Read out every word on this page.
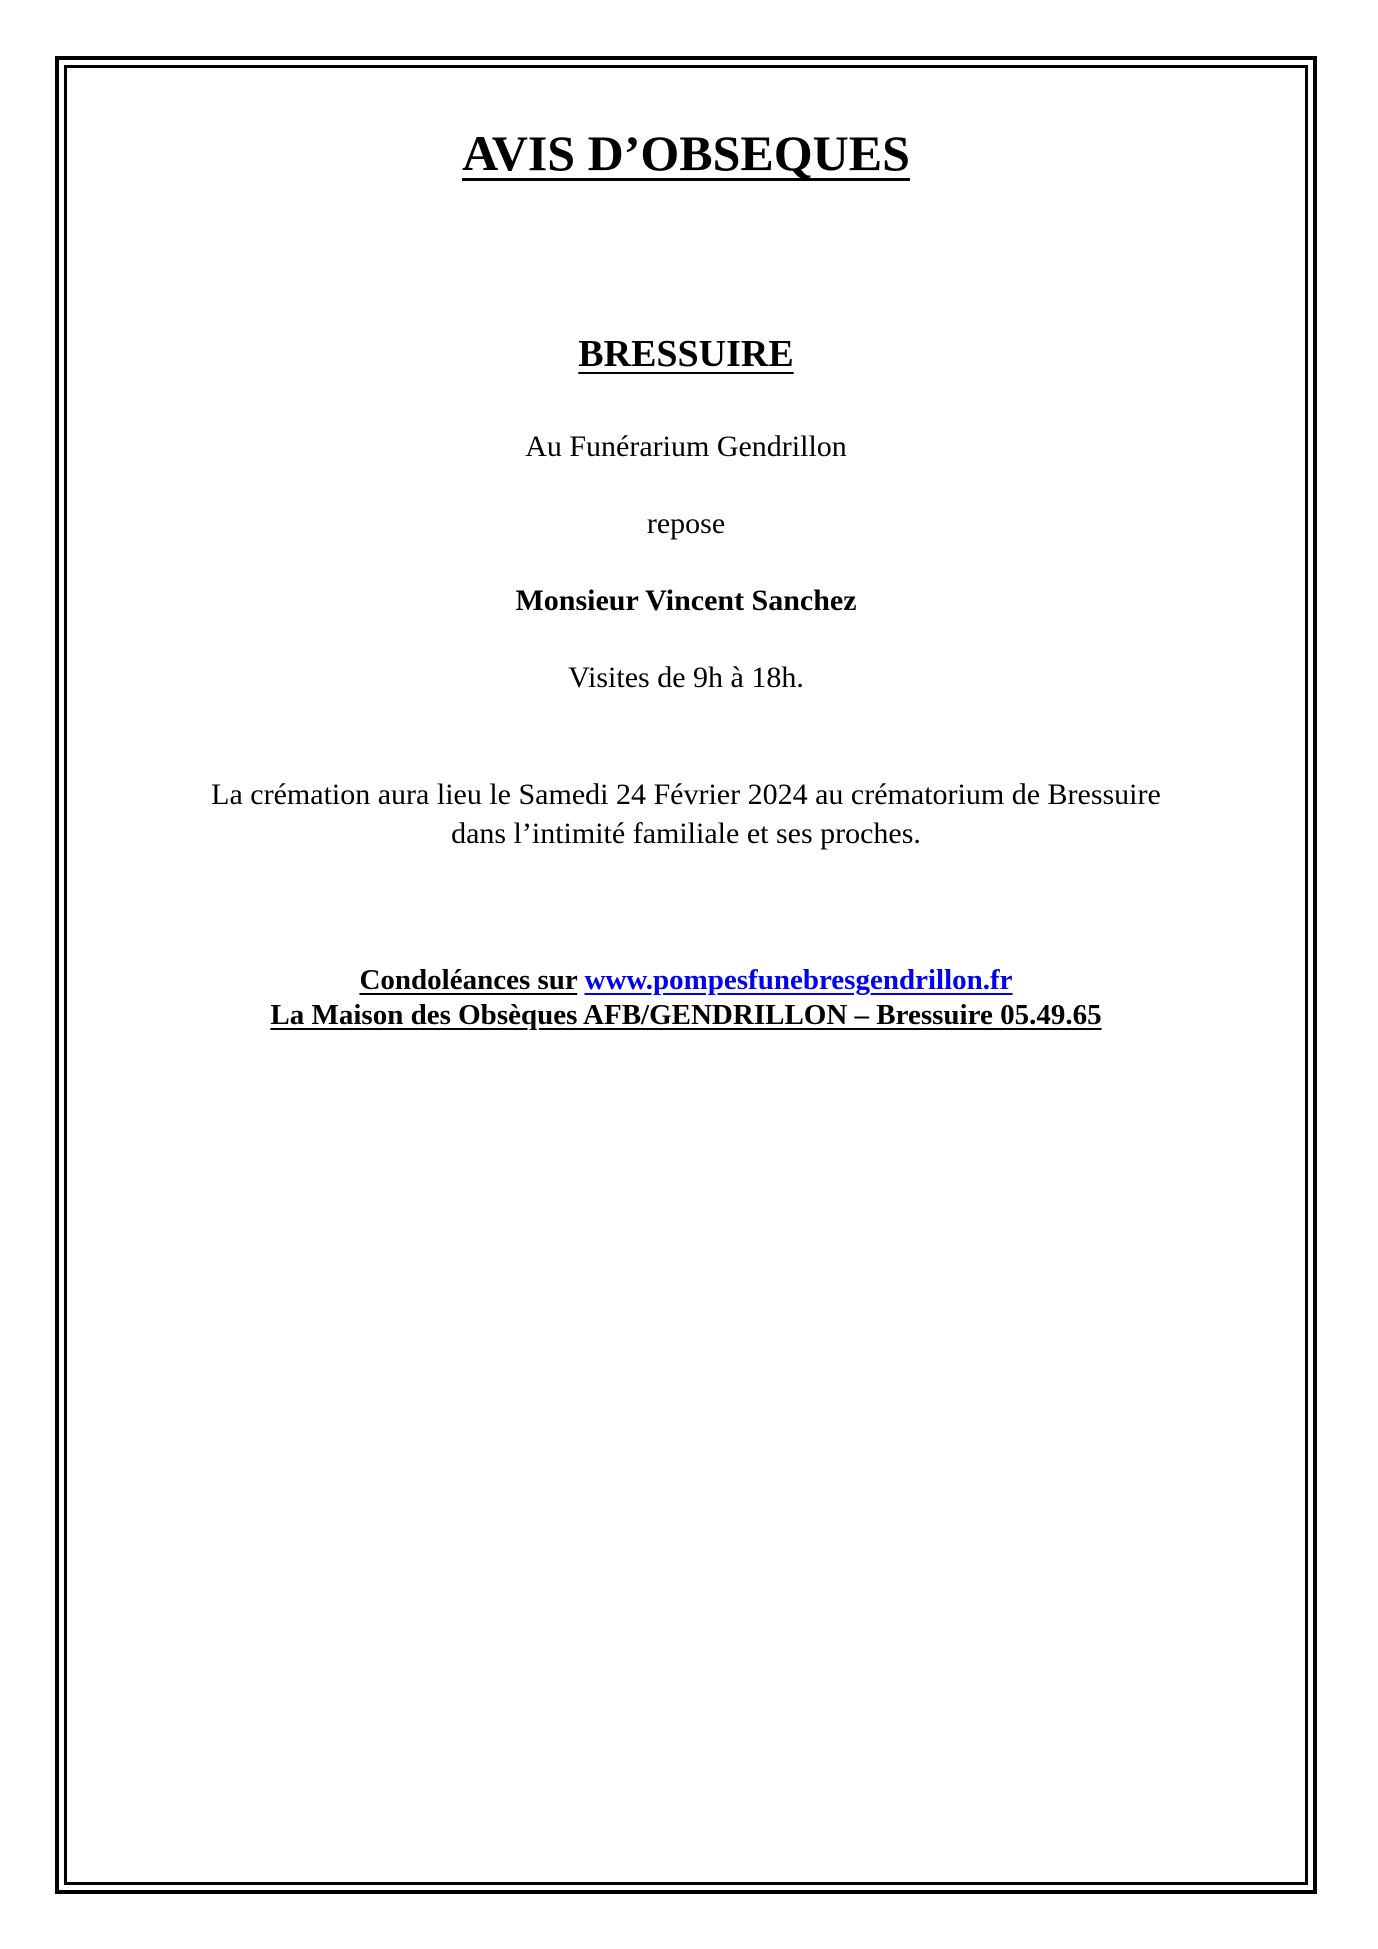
AVIS D’OBSEQUES
BRESSUIRE
Au Funérarium Gendrillon
repose
Monsieur Vincent Sanchez
Visites de 9h à 18h.
La crémation aura lieu le Samedi 24 Février 2024 au crématorium de Bressuire
dans l’intimité familiale et ses proches.
Condoléances sur www.pompesfunebresgendrillon.fr
La Maison des Obsèques AFB/GENDRILLON – Bressuire 05.49.65
